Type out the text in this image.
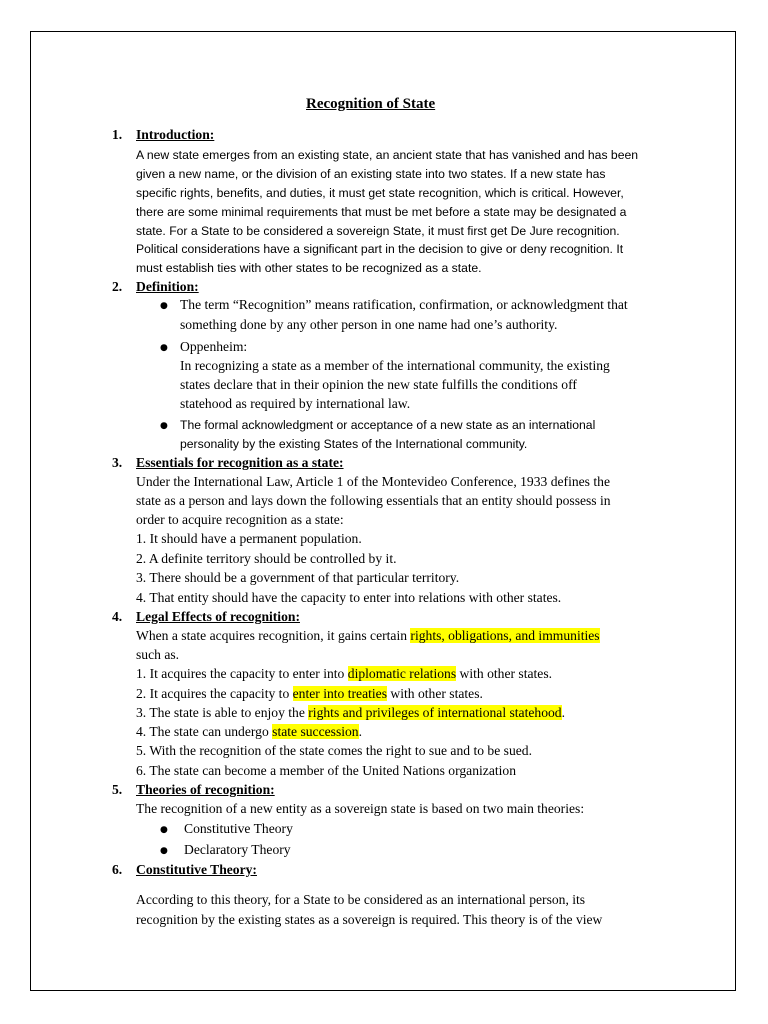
Recognition of State
1. Introduction:
A new state emerges from an existing state, an ancient state that has vanished and has been
given a new name, or the division of an existing state into two states. If a new state has
specific rights, benefits, and duties, it must get state recognition, which is critical. However,
there are some minimal requirements that must be met before a state may be designated a
state. For a State to be considered a sovereign State, it must first get De Jure recognition.
Political considerations have a significant part in the decision to give or deny recognition. It
must establish ties with other states to be recognized as a state.
2. Definition:
● The term “Recognition” means ratification, confirmation, or acknowledgment that
something done by any other person in one name had one’s authority.
● Oppenheim:
In recognizing a state as a member of the international community, the existing
states declare that in their opinion the new state fulfills the conditions off
statehood as required by international law.
● The formal acknowledgment or acceptance of a new state as an international
personality by the existing States of the International community.
3. Essentials for recognition as a state:
Under the International Law, Article 1 of the Montevideo Conference, 1933 defines the
state as a person and lays down the following essentials that an entity should possess in
order to acquire recognition as a state:
1. It should have a permanent population.
2. A definite territory should be controlled by it.
3. There should be a government of that particular territory.
4. That entity should have the capacity to enter into relations with other states.
4. Legal Effects of recognition:
When a state acquires recognition, it gains certain rights, obligations, and immunities
such as.
1. It acquires the capacity to enter into diplomatic relations with other states.
2. It acquires the capacity to enter into treaties with other states.
3. The state is able to enjoy the rights and privileges of international statehood.
4. The state can undergo state succession.
5. With the recognition of the state comes the right to sue and to be sued.
6. The state can become a member of the United Nations organization
5. Theories of recognition:
The recognition of a new entity as a sovereign state is based on two main theories:
● Constitutive Theory
● Declaratory Theory
6. Constitutive Theory:
According to this theory, for a State to be considered as an international person, its
recognition by the existing states as a sovereign is required. This theory is of the view
